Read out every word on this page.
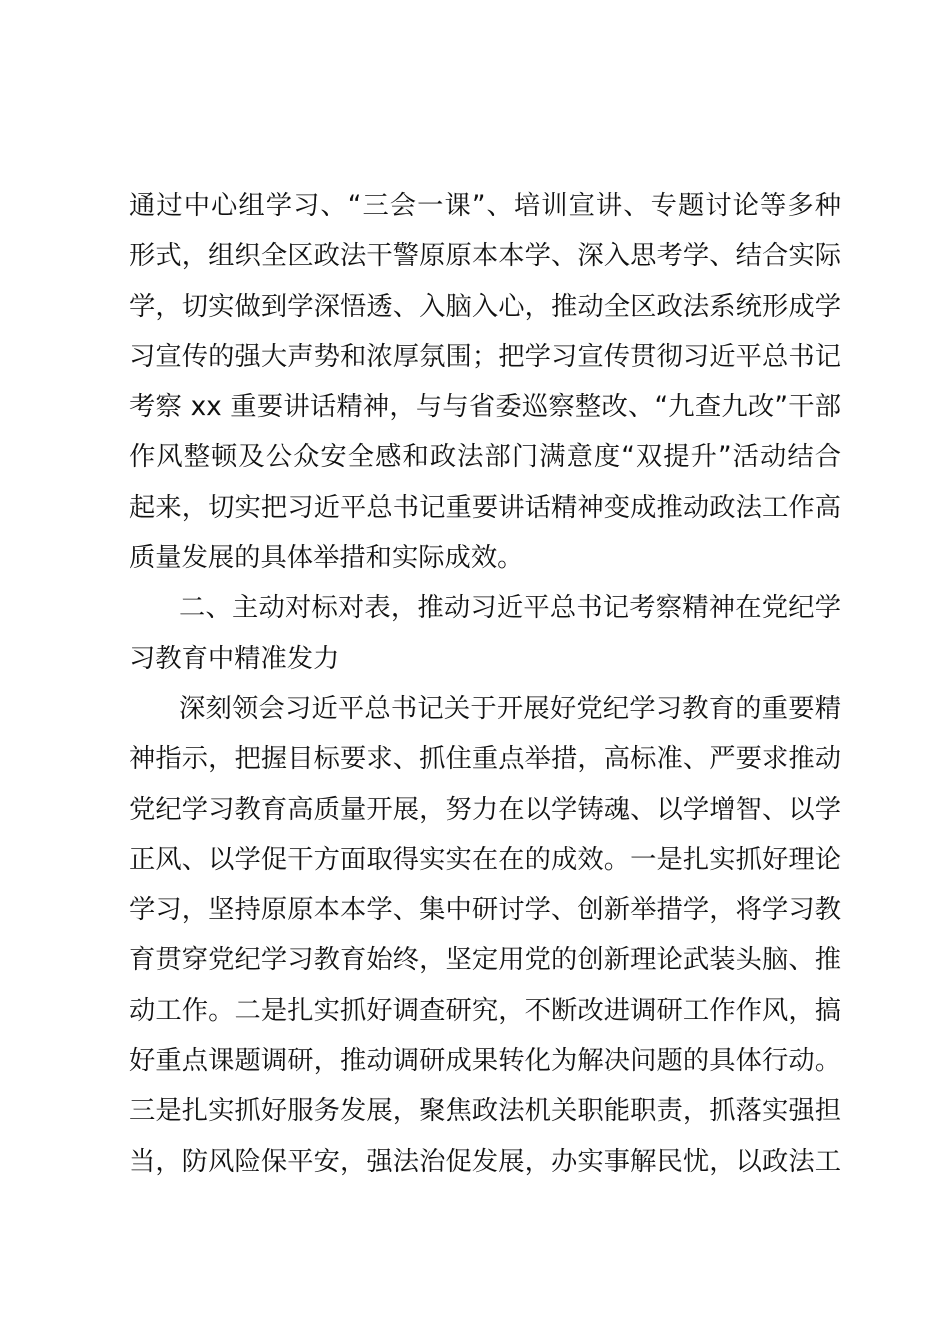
通过中心组学习、“三会一课”、培训宣讲、专题讨论等多种
形式，组织全区政法干警原原本本学、深入思考学、结合实际
学，切实做到学深悟透、入脑入心，推动全区政法系统形成学
习宣传的强大声势和浓厚氛围；把学习宣传贯彻习近平总书记
考察 xx 重要讲话精神，与与省委巡察整改、“九查九改”干部
作风整顿及公众安全感和政法部门满意度“双提升”活动结合
起来，切实把习近平总书记重要讲话精神变成推动政法工作高
质量发展的具体举措和实际成效。
二、主动对标对表，推动习近平总书记考察精神在党纪学
习教育中精准发力
深刻领会习近平总书记关于开展好党纪学习教育的重要精
神指示，把握目标要求、抓住重点举措，高标准、严要求推动
党纪学习教育高质量开展，努力在以学铸魂、以学增智、以学
正风、以学促干方面取得实实在在的成效。一是扎实抓好理论
学习，坚持原原本本学、集中研讨学、创新举措学，将学习教
育贯穿党纪学习教育始终，坚定用党的创新理论武装头脑、推
动工作。二是扎实抓好调查研究，不断改进调研工作作风，搞
好重点课题调研，推动调研成果转化为解决问题的具体行动。
三是扎实抓好服务发展，聚焦政法机关职能职责，抓落实强担
当，防风险保平安，强法治促发展，办实事解民忧，以政法工
